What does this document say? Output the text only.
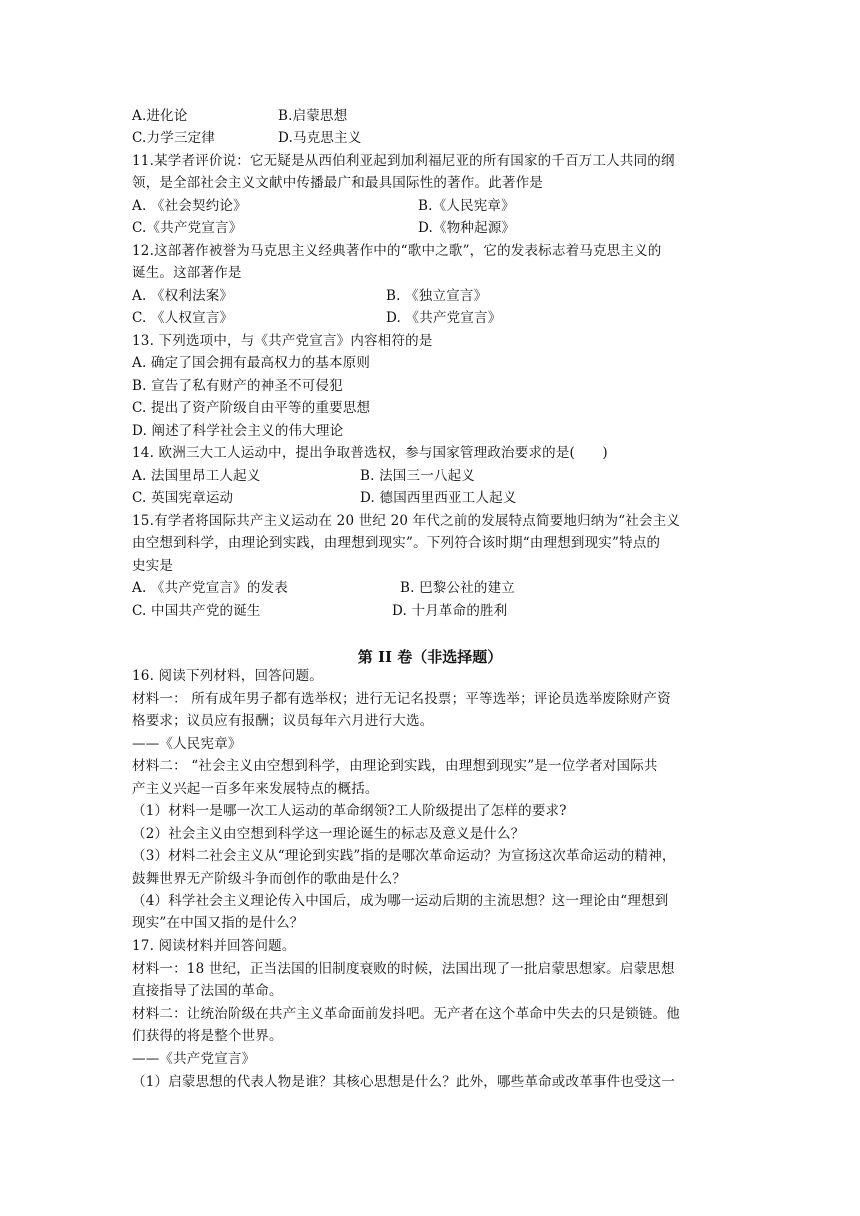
A.进化论	B.启蒙思想
C.力学三定律	D.马克思主义
11.某学者评价说：它无疑是从西伯利亚起到加利福尼亚的所有国家的千百万工人共同的纲
领，是全部社会主义文献中传播最广和最具国际性的著作。此著作是
A. 《社会契约论》	B.《人民宪章》
C.《共产党宣言》	D.《物种起源》
12.这部著作被誉为马克思主义经典著作中的“歌中之歌”，它的发表标志着马克思主义的
诞生。这部著作是
A. 《权利法案》	B. 《独立宣言》
C. 《人权宣言》	D. 《共产党宣言》
13. 下列选项中，与《共产党宣言》内容相符的是
A. 确定了国会拥有最高权力的基本原则
B. 宣告了私有财产的神圣不可侵犯
C. 提出了资产阶级自由平等的重要思想
D. 阐述了科学社会主义的伟大理论
14. 欧洲三大工人运动中，提出争取普选权，参与国家管理政治要求的是(　　)
A. 法国里昂工人起义	B. 法国三一八起义
C. 英国宪章运动	D. 德国西里西亚工人起义
15.有学者将国际共产主义运动在 20 世纪 20 年代之前的发展特点简要地归纳为“社会主义
由空想到科学，由理论到实践，由理想到现实”。下列符合该时期“由理想到现实”特点的
史实是
A. 《共产党宣言》的发表	B. 巴黎公社的建立
C. 中国共产党的诞生	D. 十月革命的胜利
第 II 卷（非选择题）
16. 阅读下列材料，回答问题。
材料一： 所有成年男子都有选举权；进行无记名投票；平等选举；评论员选举废除财产资
格要求；议员应有报酬；议员每年六月进行大选。
——《人民宪章》
材料二： “社会主义由空想到科学，由理论到实践，由理想到现实”是一位学者对国际共
产主义兴起一百多年来发展特点的概括。
（1）材料一是哪一次工人运动的革命纲领?工人阶级提出了怎样的要求?
（2）社会主义由空想到科学这一理论诞生的标志及意义是什么？
（3）材料二社会主义从“理论到实践”指的是哪次革命运动？为宣扬这次革命运动的精神，
鼓舞世界无产阶级斗争而创作的歌曲是什么？
（4）科学社会主义理论传入中国后，成为哪一运动后期的主流思想？这一理论由“理想到
现实”在中国又指的是什么？
17. 阅读材料并回答问题。
材料一：18 世纪，正当法国的旧制度衰败的时候，法国出现了一批启蒙思想家。启蒙思想
直接指导了法国的革命。
材料二：让统治阶级在共产主义革命面前发抖吧。无产者在这个革命中失去的只是锁链。他
们获得的将是整个世界。
——《共产党宣言》
（1）启蒙思想的代表人物是谁？其核心思想是什么？此外，哪些革命或改革事件也受这一
